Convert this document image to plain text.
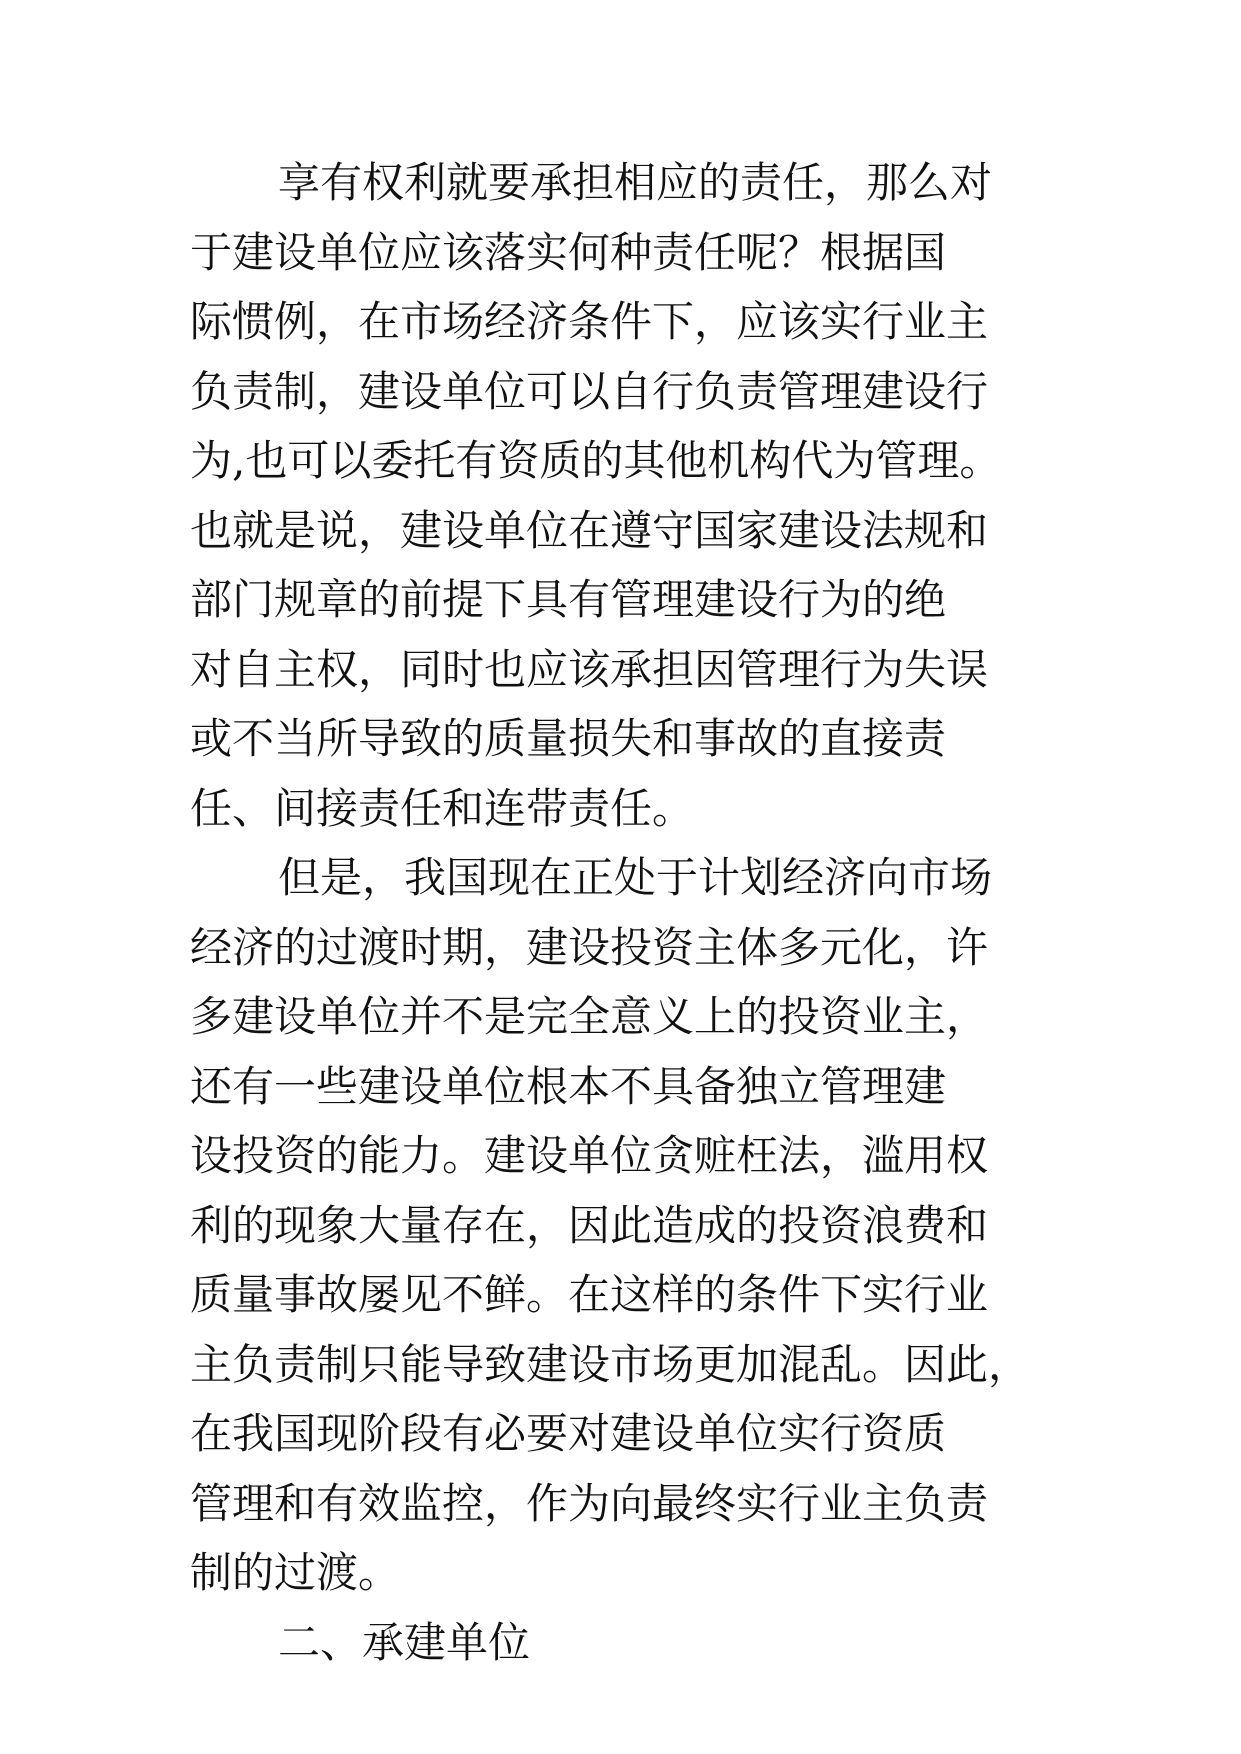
享有权利就要承担相应的责任，那么对
于建设单位应该落实何种责任呢？根据国
际惯例，在市场经济条件下，应该实行业主
负责制，建设单位可以自行负责管理建设行
为,也可以委托有资质的其他机构代为管理。
也就是说，建设单位在遵守国家建设法规和
部门规章的前提下具有管理建设行为的绝
对自主权，同时也应该承担因管理行为失误
或不当所导致的质量损失和事故的直接责
任、间接责任和连带责任。
但是，我国现在正处于计划经济向市场
经济的过渡时期，建设投资主体多元化，许
多建设单位并不是完全意义上的投资业主，
还有一些建设单位根本不具备独立管理建
设投资的能力。建设单位贪赃枉法，滥用权
利的现象大量存在，因此造成的投资浪费和
质量事故屡见不鲜。在这样的条件下实行业
主负责制只能导致建设市场更加混乱。因此，
在我国现阶段有必要对建设单位实行资质
管理和有效监控，作为向最终实行业主负责
制的过渡。
二、承建单位
